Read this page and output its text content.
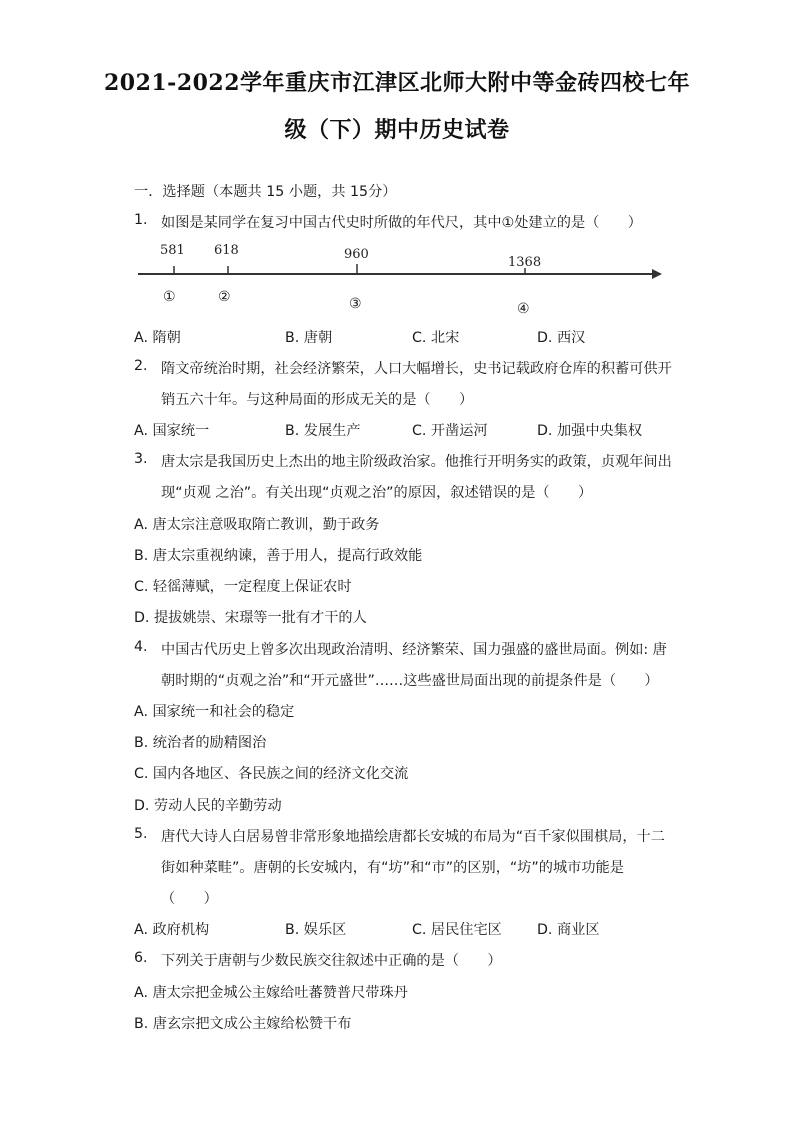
2021-2022学年重庆市江津区北师大附中等金砖四校七年
级（下）期中历史试卷
一．选择题（本题共 15 小题，共 15分）
1. 如图是某同学在复习中国古代史时所做的年代尺，其中①处建立的是（　　）
581 618	960
1368
①	②	③	④
A. 隋朝	B. 唐朝	C. 北宋	D. 西汉
2. 隋文帝统治时期，社会经济繁荣，人口大幅增长，史书记载政府仓库的积蓄可供开
销五六十年。与这种局面的形成无关的是（　　）
A. 国家统一	B. 发展生产	C. 开凿运河	D. 加强中央集权
3. 唐太宗是我国历史上杰出的地主阶级政治家。他推行开明务实的政策，贞观年间出
现“贞观 之治”。有关出现“贞观之治”的原因，叙述错误的是（　　）
A. 唐太宗注意吸取隋亡教训，勤于政务
B. 唐太宗重视纳谏，善于用人，提高行政效能
C. 轻徭薄赋，一定程度上保证农时
D. 提拔姚崇、宋璟等一批有才干的人
4. 中国古代历史上曾多次出现政治清明、经济繁荣、国力强盛的盛世局面。例如: 唐
朝时期的“贞观之治”和“开元盛世”……这些盛世局面出现的前提条件是（　　）
A. 国家统一和社会的稳定
B. 统治者的励精图治
C. 国内各地区、各民族之间的经济文化交流
D. 劳动人民的辛勤劳动
5. 唐代大诗人白居易曾非常形象地描绘唐都长安城的布局为“百千家似围棋局，十二
街如种菜畦”。唐朝的长安城内，有“坊”和“市”的区别，“坊”的城市功能是
（　　）
A. 政府机构	B. 娱乐区	C. 居民住宅区 D. 商业区
6. 下列关于唐朝与少数民族交往叙述中正确的是（　　）
A. 唐太宗把金城公主嫁给吐蕃赞普尺带珠丹
B. 唐玄宗把文成公主嫁给松赞干布
